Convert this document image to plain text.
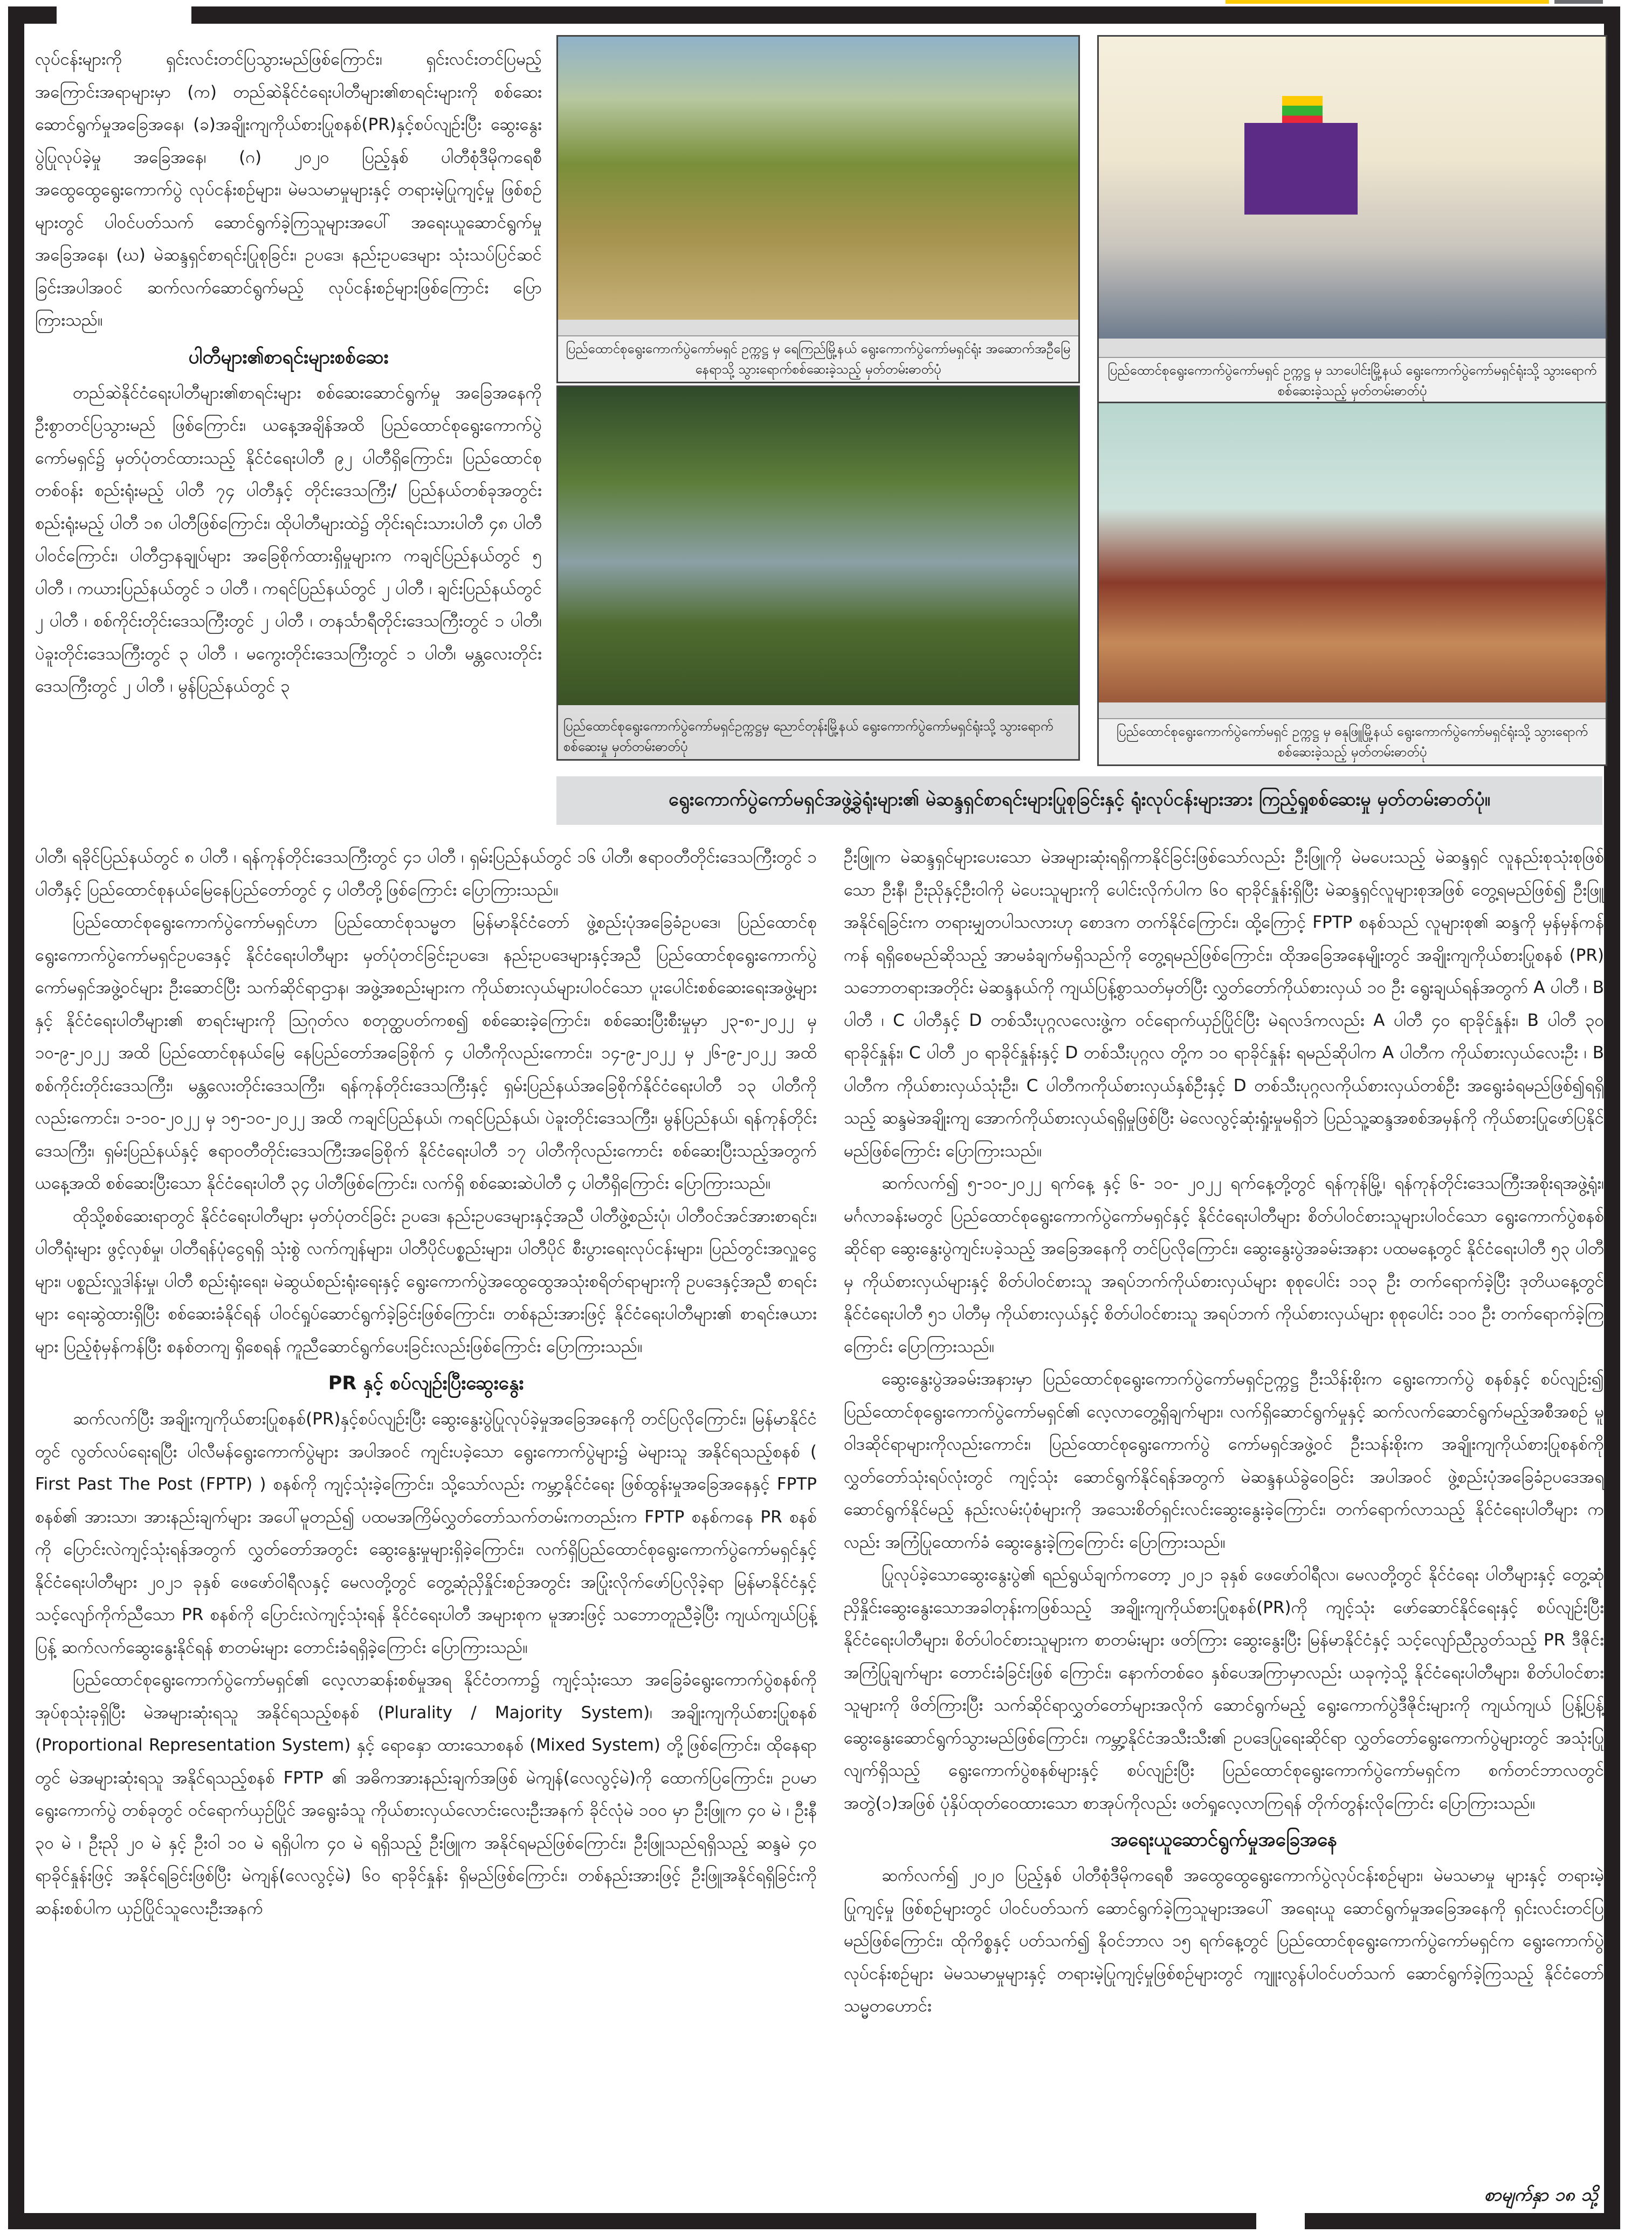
လုပ်ငန်းများကို ရှင်းလင်းတင်ပြသွားမည်ဖြစ်ကြောင်း၊ ရှင်းလင်းတင်ပြမည့်အကြောင်းအရာများမှာ (က) တည်ဆဲနိုင်ငံရေးပါတီများ၏စာရင်းများကို စစ်ဆေးဆောင်ရွက်မှုအခြေအနေ၊ (ခ)အချိုးကျကိုယ်စားပြုစနစ်(PR)နှင့်စပ်လျဉ်းပြီး ဆွေးနွေးပွဲပြုလုပ်ခဲ့မှု အခြေအနေ၊ (ဂ) ၂၀၂၀ ပြည့်နှစ် ပါတီစုံဒီမိုကရေစီ အထွေထွေရွေးကောက်ပွဲ လုပ်ငန်းစဉ်များ၊ မဲမသမာမှုများနှင့် တရားမဲ့ပြုကျင့်မှု ဖြစ်စဉ်များတွင် ပါဝင်ပတ်သက် ဆောင်ရွက်ခဲ့ကြသူများအပေါ် အရေးယူဆောင်ရွက်မှု အခြေအနေ၊ (ဃ) မဲဆန္ဒရှင်စာရင်းပြုစုခြင်း၊ ဥပဒေ၊ နည်းဥပဒေများ သုံးသပ်ပြင်ဆင်ခြင်းအပါအဝင် ဆက်လက်ဆောင်ရွက်မည့် လုပ်ငန်းစဉ်များဖြစ်ကြောင်း ပြောကြားသည်။

ပါတီများ၏စာရင်းများစစ်ဆေး

တည်ဆဲနိုင်ငံရေးပါတီများ၏စာရင်းများ စစ်ဆေးဆောင်ရွက်မှု အခြေအနေကို ဦးစွာတင်ပြသွားမည် ဖြစ်ကြောင်း၊ ယနေ့အချိန်အထိ ပြည်ထောင်စုရွေးကောက်ပွဲကော်မရှင်၌ မှတ်ပုံတင်ထားသည့် နိုင်ငံရေးပါတီ ၉၂ ပါတီရှိကြောင်း၊ ပြည်ထောင်စုတစ်ဝန်း စည်းရုံးမည့် ပါတီ ၇၄ ပါတီနှင့် တိုင်းဒေသကြီး/ ပြည်နယ်တစ်ခုအတွင်း စည်းရုံးမည့် ပါတီ ၁၈ ပါတီဖြစ်ကြောင်း၊ ထိုပါတီများထဲ၌ တိုင်းရင်းသားပါတီ ၄၈ ပါတီ ပါဝင်ကြောင်း၊ ပါတီဌာနချုပ်များ အခြေစိုက်ထားရှိမှုများက ကချင်ပြည်နယ်တွင် ၅ ပါတီ ၊ ကယားပြည်နယ်တွင် ၁ ပါတီ ၊ ကရင်ပြည်နယ်တွင် ၂ ပါတီ ၊ ချင်းပြည်နယ်တွင် ၂ ပါတီ ၊ စစ်ကိုင်းတိုင်းဒေသကြီးတွင် ၂ ပါတီ ၊ တနင်္သာရီတိုင်းဒေသကြီးတွင် ၁ ပါတီ၊ ပဲခူးတိုင်းဒေသကြီးတွင် ၃ ပါတီ ၊ မကွေးတိုင်းဒေသကြီးတွင် ၁ ပါတီ၊ မန္တလေးတိုင်းဒေသကြီးတွင် ၂ ပါတီ ၊ မွန်ပြည်နယ်တွင် ၃

ပြည်ထောင်စုရွေးကောက်ပွဲကော်မရှင် ဥက္ကဋ္ဌ မှ ရေကြည်မြို့နယ် ရွေးကောက်ပွဲကော်မရှင်ရုံး အဆောက်အဦမြေနေရာသို့ သွားရောက်စစ်ဆေးခဲ့သည့် မှတ်တမ်းဓာတ်ပုံ	ပြည်ထောင်စုရွေးကောက်ပွဲကော်မရှင် ဥက္ကဋ္ဌ မှ သာပေါင်းမြို့နယ် ရွေးကောက်ပွဲကော်မရှင်ရုံးသို့ သွားရောက်စစ်ဆေးခဲ့သည့် မှတ်တမ်းဓာတ်ပုံ
ပြည်ထောင်စုရွေးကောက်ပွဲကော်မရှင်ဥက္ကဋ္ဌမှ ညောင်တုန်းမြို့နယ် ရွေးကောက်ပွဲကော်မရှင်ရုံးသို့ သွားရောက်စစ်ဆေးမှု မှတ်တမ်းဓာတ်ပုံ
ပြည်ထောင်စုရွေးကောက်ပွဲကော်မရှင် ဥက္ကဋ္ဌ မှ ဓနုဖြူမြို့နယ် ရွေးကောက်ပွဲကော်မရှင်ရုံးသို့ သွားရောက်စစ်ဆေးခဲ့သည့် မှတ်တမ်းဓာတ်ပုံ
ရွေးကောက်ပွဲကော်မရှင်အဖွဲ့ခွဲရုံးများ၏ မဲဆန္ဒရှင်စာရင်းများပြုစုခြင်းနှင့် ရုံးလုပ်ငန်းများအား ကြည့်ရှုစစ်ဆေးမှု မှတ်တမ်းဓာတ်ပုံ။

ပါတီ၊ ရခိုင်ပြည်နယ်တွင် ၈ ပါတီ ၊ ရန်ကုန်တိုင်းဒေသကြီးတွင် ၄၁ ပါတီ ၊ ရှမ်းပြည်နယ်တွင် ၁၆ ပါတီ၊ ဧရာဝတီတိုင်းဒေသကြီးတွင် ၁ ပါတီနှင့် ပြည်ထောင်စုနယ်မြေနေပြည်တော်တွင် ၄ ပါတီတို့ဖြစ်ကြောင်း ပြောကြားသည်။

ပြည်ထောင်စုရွေးကောက်ပွဲကော်မရှင်ဟာ ပြည်ထောင်စုသမ္မတ မြန်မာနိုင်ငံတော် ဖွဲ့စည်းပုံအခြေခံဥပဒေ၊ ပြည်ထောင်စုရွေးကောက်ပွဲကော်မရှင်ဥပဒေနှင့် နိုင်ငံရေးပါတီများ မှတ်ပုံတင်ခြင်းဥပဒေ၊ နည်းဥပဒေများနှင့်အညီ ပြည်ထောင်စုရွေးကောက်ပွဲကော်မရှင်အဖွဲ့ဝင်များ ဦးဆောင်ပြီး သက်ဆိုင်ရာဌာန၊ အဖွဲ့အစည်းများက ကိုယ်စားလှယ်များပါဝင်သော ပူးပေါင်းစစ်ဆေးရေးအဖွဲ့များနှင့် နိုင်ငံရေးပါတီများ၏ စာရင်းများကို သြဂုတ်လ စတုတ္ထပတ်ကစ၍ စစ်ဆေးခဲ့ကြောင်း၊ စစ်ဆေးပြီးစီးမှုမှာ ၂၃-၈-၂၀၂၂ မှ ၁၀-၉-၂၀၂၂ အထိ ပြည်ထောင်စုနယ်မြေ နေပြည်တော်အခြေစိုက် ၄ ပါတီကိုလည်းကောင်း၊ ၁၄-၉-၂၀၂၂ မှ ၂၆-၉-၂၀၂၂ အထိ စစ်ကိုင်းတိုင်းဒေသကြီး၊ မန္တလေးတိုင်းဒေသကြီး၊ ရန်ကုန်တိုင်းဒေသကြီးနှင့် ရှမ်းပြည်နယ်အခြေစိုက်နိုင်ငံရေးပါတီ ၁၃ ပါတီကိုလည်းကောင်း၊ ၁-၁၀-၂၀၂၂ မှ ၁၅-၁၀-၂၀၂၂ အထိ ကချင်ပြည်နယ်၊ ကရင်ပြည်နယ်၊ ပဲခူးတိုင်းဒေသကြီး၊ မွန်ပြည်နယ်၊ ရန်ကုန်တိုင်းဒေသကြီး၊ ရှမ်းပြည်နယ်နှင့် ဧရာဝတီတိုင်းဒေသကြီးအခြေစိုက် နိုင်ငံရေးပါတီ ၁၇ ပါတီကိုလည်းကောင်း စစ်ဆေးပြီးသည့်အတွက် ယနေ့အထိ စစ်ဆေးပြီးသော နိုင်ငံရေးပါတီ ၃၄ ပါတီဖြစ်ကြောင်း၊ လက်ရှိ စစ်ဆေးဆဲပါတီ ၄ ပါတီရှိကြောင်း ပြောကြားသည်။

ထိုသို့စစ်ဆေးရာတွင် နိုင်ငံရေးပါတီများ မှတ်ပုံတင်ခြင်း ဥပဒေ၊ နည်းဥပဒေများနှင့်အညီ ပါတီဖွဲ့စည်းပုံ၊ ပါတီဝင်အင်အားစာရင်း၊ ပါတီရုံးများ ဖွင့်လှစ်မှု၊ ပါတီရန်ပုံငွေရရှိ သုံးစွဲ လက်ကျန်များ၊ ပါတီပိုင်ပစ္စည်းများ၊ ပါတီပိုင် စီးပွားရေးလုပ်ငန်းများ၊ ပြည်တွင်းအလှူငွေများ၊ ပစ္စည်းလှူဒါန်းမှု၊ ပါတီ စည်းရုံးရေး၊ မဲဆွယ်စည်းရုံးရေးနှင့် ရွေးကောက်ပွဲအထွေထွေအသုံးစရိတ်ရာများကို ဥပဒေနှင့်အညီ စာရင်းများ ရေးဆွဲထားရှိပြီး စစ်ဆေးခံနိုင်ရန် ပါဝင်ရှုပ်ဆောင်ရွက်ခဲ့ခြင်းဖြစ်ကြောင်း၊ တစ်နည်းအားဖြင့် နိုင်ငံရေးပါတီများ၏ စာရင်းဇယားများ ပြည့်စုံမှန်ကန်ပြီး စနစ်တကျ ရှိစေရန် ကူညီဆောင်ရွက်ပေးခြင်းလည်းဖြစ်ကြောင်း ပြောကြားသည်။

PR နှင့် စပ်လျဉ်းပြီးဆွေးနွေး

ဆက်လက်ပြီး အချိုးကျကိုယ်စားပြုစနစ်(PR)နှင့်စပ်လျဉ်းပြီး ဆွေးနွေးပွဲပြုလုပ်ခဲ့မှုအခြေအနေကို တင်ပြလိုကြောင်း၊ မြန်မာနိုင်ငံတွင် လွတ်လပ်ရေးရပြီး ပါလီမန်ရွေးကောက်ပွဲများ အပါအဝင် ကျင်းပခဲ့သော ရွေးကောက်ပွဲများ၌ မဲများသူ အနိုင်ရသည့်စနစ် ( First Past The Post (FPTP) ) စနစ်ကို ကျင့်သုံးခဲ့ကြောင်း၊ သို့သော်လည်း ကမ္ဘာ့နိုင်ငံရေး ဖြစ်ထွန်းမှုအခြေအနေနှင့် FPTP စနစ်၏ အားသာ၊ အားနည်းချက်များ အပေါ်မူတည်၍ ပထမအကြိမ်လွှတ်တော်သက်တမ်းကတည်းက FPTP စနစ်ကနေ PR စနစ်ကို ပြောင်းလဲကျင့်သုံးရန်အတွက် လွှတ်တော်အတွင်း ဆွေးနွေးမှုများရှိခဲ့ကြောင်း၊ လက်ရှိပြည်ထောင်စုရွေးကောက်ပွဲကော်မရှင်နှင့် နိုင်ငံရေးပါတီများ ၂၀၂၁ ခုနှစ် ဖေဖော်ဝါရီလနှင့် မေလတို့တွင် တွေ့ဆုံညှိနှိုင်းစဉ်အတွင်း အပြုံးလိုက်ဖော်ပြလိုခဲ့ရာ မြန်မာနိုင်ငံနှင့် သင့်လျော်ကိုက်ညီသော PR စနစ်ကို ပြောင်းလဲကျင့်သုံးရန် နိုင်ငံရေးပါတီ အများစုက မူအားဖြင့် သဘောတူညီခဲ့ပြီး ကျယ်ကျယ်ပြန့်ပြန့် ဆက်လက်ဆွေးနွေးနိုင်ရန် စာတမ်းများ တောင်းခံရရှိခဲ့ကြောင်း ပြောကြားသည်။

ပြည်ထောင်စုရွေးကောက်ပွဲကော်မရှင်၏ လေ့လာဆန်းစစ်မှုအရ နိုင်ငံတကာ၌ ကျင့်သုံးသော အခြေခံရွေးကောက်ပွဲစနစ်ကို အုပ်စုသုံးခုရှိပြီး မဲအများဆုံးရသူ အနိုင်ရသည့်စနစ် (Plurality / Majority System)၊ အချိုးကျကိုယ်စားပြုစနစ် (Proportional Representation System) နှင့် ရောနှော ထားသောစနစ် (Mixed System) တို့ဖြစ်ကြောင်း၊ ထိုနေရာတွင် မဲအများဆုံးရသူ အနိုင်ရသည့်စနစ် FPTP ၏ အဓိကအားနည်းချက်အဖြစ် မဲကျန်(လေလွင့်မဲ)ကို ထောက်ပြကြောင်း၊ ဥပမာ ရွေးကောက်ပွဲ တစ်ခုတွင် ဝင်ရောက်ယှဉ်ပြိုင် အရွေးခံသူ ကိုယ်စားလှယ်လောင်းလေးဦးအနက် ခိုင်လုံမဲ ၁၀၀ မှာ ဦးဖြူက ၄၀ မဲ ၊ ဦးနီ ၃၀ မဲ ၊ ဦးညို ၂၀ မဲ နှင့် ဦးဝါ ၁၀ မဲ ရရှိပါက ၄၀ မဲ ရရှိသည့် ဦးဖြူက အနိုင်ရမည်ဖြစ်ကြောင်း၊ ဦးဖြူသည်ရရှိသည့် ဆန္ဒမဲ ၄၀ ရာခိုင်နှုန်းဖြင့် အနိုင်ရခြင်းဖြစ်ပြီး မဲကျန်(လေလွင့်မဲ) ၆၀ ရာခိုင်နှုန်း ရှိမည်ဖြစ်ကြောင်း၊ တစ်နည်းအားဖြင့် ဦးဖြူအနိုင်ရရှိခြင်းကို ဆန်းစစ်ပါက ယှဉ်ပြိုင်သူလေးဦးအနက်

ဦးဖြူက မဲဆန္ဒရှင်များပေးသော မဲအများဆုံးရရှိကာနိုင်ခြင်းဖြစ်သော်လည်း ဦးဖြူကို မဲမပေးသည့် မဲဆန္ဒရှင် လူနည်းစုသုံးစုဖြစ်သော ဦးနီ၊ ဦးညိုနှင့်ဦးဝါကို မဲပေးသူများကို ပေါင်းလိုက်ပါက ၆၀ ရာခိုင်နှုန်းရှိပြီး မဲဆန္ဒရှင်လူများစုအဖြစ် တွေ့ရမည်ဖြစ်၍ ဦးဖြူအနိုင်ရခြင်းက တရားမျှတပါသလားဟု စောဒက တက်နိုင်ကြောင်း၊ ထို့ကြောင့် FPTP စနစ်သည် လူများစု၏ ဆန္ဒကို မှန်မှန်ကန်ကန် ရရှိစေမည်ဆိုသည့် အာမခံချက်မရှိသည်ကို တွေ့ရမည်ဖြစ်ကြောင်း၊ ထိုအခြေအနေမျိုးတွင် အချိုးကျကိုယ်စားပြုစနစ် (PR) သဘောတရားအတိုင်း မဲဆန္ဒနယ်ကို ကျယ်ပြန့်စွာသတ်မှတ်ပြီး လွှတ်တော်ကိုယ်စားလှယ် ၁၀ ဦး ရွေးချယ်ရန်အတွက် A ပါတီ ၊ B ပါတီ ၊ C ပါတီနှင့် D တစ်သီးပုဂ္ဂလလေးဖွဲ့က ဝင်ရောက်ယှဉ်ပြိုင်ပြီး မဲရလဒ်ကလည်း A ပါတီ ၄၀ ရာခိုင်နှုန်း၊ B ပါတီ ၃၀ ရာခိုင်နှုန်း၊ C ပါတီ ၂၀ ရာခိုင်နှုန်းနှင့် D တစ်သီးပုဂ္ဂလ တို့က ၁၀ ရာခိုင်နှုန်း ရမည်ဆိုပါက A ပါတီက ကိုယ်စားလှယ်လေးဦး ၊ B ပါတီက ကိုယ်စားလှယ်သုံးဦး၊ C ပါတီကကိုယ်စားလှယ်နှစ်ဦးနှင့် D တစ်သီးပုဂ္ဂလကိုယ်စားလှယ်တစ်ဦး အရွေးခံရမည်ဖြစ်၍ရရှိသည့် ဆန္ဒမဲအချိုးကျ အောက်ကိုယ်စားလှယ်ရရှိမှုဖြစ်ပြီး မဲလေလွင့်ဆုံးရှုံးမှုမရှိဘဲ ပြည်သူ့ဆန္ဒအစစ်အမှန်ကို ကိုယ်စားပြုဖော်ပြနိုင်မည်ဖြစ်ကြောင်း ပြောကြားသည်။

ဆက်လက်၍ ၅-၁၀-၂၀၂၂ ရက်နေ့ နှင့် ၆- ၁၀- ၂၀၂၂ ရက်နေ့တို့တွင် ရန်ကုန်မြို့၊ ရန်ကုန်တိုင်းဒေသကြီးအစိုးရအဖွဲ့ရုံး၊ မင်္ဂလာခန်းမတွင် ပြည်ထောင်စုရွေးကောက်ပွဲကော်မရှင်နှင့် နိုင်ငံရေးပါတီများ စိတ်ပါဝင်စားသူများပါဝင်သော ရွေးကောက်ပွဲစနစ်ဆိုင်ရာ ဆွေးနွေးပွဲကျင်းပခဲ့သည့် အခြေအနေကို တင်ပြလိုကြောင်း၊ ဆွေးနွေးပွဲအခမ်းအနား ပထမနေ့တွင် နိုင်ငံရေးပါတီ ၅၃ ပါတီမှ ကိုယ်စားလှယ်များနှင့် စိတ်ပါဝင်စားသူ အရပ်ဘက်ကိုယ်စားလှယ်များ စုစုပေါင်း ၁၁၃ ဦး တက်ရောက်ခဲ့ပြီး ဒုတိယနေ့တွင် နိုင်ငံရေးပါတီ ၅၁ ပါတီမှ ကိုယ်စားလှယ်နှင့် စိတ်ပါဝင်စားသူ အရပ်ဘက် ကိုယ်စားလှယ်များ စုစုပေါင်း ၁၁၀ ဦး တက်ရောက်ခဲ့ကြကြောင်း ပြောကြားသည်။

ဆွေးနွေးပွဲအခမ်းအနားမှာ ပြည်ထောင်စုရွေးကောက်ပွဲကော်မရှင်ဥက္ကဋ္ဌ ဦးသိန်းစိုးက ရွေးကောက်ပွဲ စနစ်နှင့် စပ်လျဉ်း၍ ပြည်ထောင်စုရွေးကောက်ပွဲကော်မရှင်၏ လေ့လာတွေ့ရှိချက်များ၊ လက်ရှိဆောင်ရွက်မှုနှင့် ဆက်လက်ဆောင်ရွက်မည့်အစီအစဉ် မူဝါဒဆိုင်ရာများကိုလည်းကောင်း၊ ပြည်ထောင်စုရွေးကောက်ပွဲ ကော်မရှင်အဖွဲ့ဝင် ဦးသန်းစိုးက အချိုးကျကိုယ်စားပြုစနစ်ကို လွှတ်တော်သုံးရပ်လုံးတွင် ကျင့်သုံး ဆောင်ရွက်နိုင်ရန်အတွက် မဲဆန္ဒနယ်ခွဲဝေခြင်း အပါအဝင် ဖွဲ့စည်းပုံအခြေခံဥပဒေအရ ဆောင်ရွက်နိုင်မည့် နည်းလမ်းပုံစံများကို အသေးစိတ်ရှင်းလင်းဆွေးနွေးခဲ့ကြောင်း၊ တက်ရောက်လာသည့် နိုင်ငံရေးပါတီများ ကလည်း အကြံပြုထောက်ခံ ဆွေးနွေးခဲ့ကြကြောင်း ပြောကြားသည်။

ပြုလုပ်ခဲ့သောဆွေးနွေးပွဲ၏ ရည်ရွယ်ချက်ကတော့ ၂၀၂၁ ခုနှစ် ဖေဖော်ဝါရီလ၊ မေလတို့တွင် နိုင်ငံရေး ပါတီများနှင့် တွေ့ဆုံညှိနှိုင်းဆွေးနွေးသောအခါတုန်းကဖြစ်သည့် အချိုးကျကိုယ်စားပြုစနစ်(PR)ကို ကျင့်သုံး ဖော်ဆောင်နိုင်ရေးနှင့် စပ်လျဉ်းပြီး နိုင်ငံရေးပါတီများ၊ စိတ်ပါဝင်စားသူများက စာတမ်းများ ဖတ်ကြား ဆွေးနွေးပြီး မြန်မာနိုင်ငံနှင့် သင့်လျော်ညီညွတ်သည့် PR ဒီဇိုင်း အကြံပြုချက်များ တောင်းခံခြင်းဖြစ် ကြောင်း၊ နောက်တစ်ဝေ နှစ်ပေအကြာမှာလည်း ယခုကဲ့သို့ နိုင်ငံရေးပါတီများ၊ စိတ်ပါဝင်စားသူများကို ဖိတ်ကြားပြီး သက်ဆိုင်ရာလွှတ်တော်များအလိုက် ဆောင်ရွက်မည့် ရွေးကောက်ပွဲဒီဇိုင်းများကို ကျယ်ကျယ် ပြန့်ပြန့် ဆွေးနွေးဆောင်ရွက်သွားမည်ဖြစ်ကြောင်း၊ ကမ္ဘာ့နိုင်ငံအသီးသီး၏ ဥပဒေပြုရေးဆိုင်ရာ လွှတ်တော်ရွေးကောက်ပွဲများတွင် အသုံးပြုလျက်ရှိသည့် ရွေးကောက်ပွဲစနစ်များနှင့် စပ်လျဉ်းပြီး ပြည်ထောင်စုရွေးကောက်ပွဲကော်မရှင်က စက်တင်ဘာလတွင် အတွဲ(၁)အဖြစ် ပုံနှိပ်ထုတ်ဝေထားသော စာအုပ်ကိုလည်း ဖတ်ရှုလေ့လာကြရန် တိုက်တွန်းလိုကြောင်း ပြောကြားသည်။

အရေးယူဆောင်ရွက်မှုအခြေအနေ

ဆက်လက်၍ ၂၀၂၀ ပြည့်နှစ် ပါတီစုံဒီမိုကရေစီ အထွေထွေရွေးကောက်ပွဲလုပ်ငန်းစဉ်များ၊ မဲမသမာမှု များနှင့် တရားမဲ့ပြုကျင့်မှု ဖြစ်စဉ်များတွင် ပါဝင်ပတ်သက် ဆောင်ရွက်ခဲ့ကြသူများအပေါ် အရေးယူ ဆောင်ရွက်မှုအခြေအနေကို ရှင်းလင်းတင်ပြမည်ဖြစ်ကြောင်း၊ ထိုကိစ္စနှင့် ပတ်သက်၍ နိုဝင်ဘာလ ၁၅ ရက်နေ့တွင် ပြည်ထောင်စုရွေးကောက်ပွဲကော်မရှင်က ရွေးကောက်ပွဲလုပ်ငန်းစဉ်များ မဲမသမာမှုများနှင့် တရားမဲ့ပြုကျင့်မှုဖြစ်စဉ်များတွင် ကျူးလွန်ပါဝင်ပတ်သက် ဆောင်ရွက်ခဲ့ကြသည့် နိုင်ငံတော်သမ္မတဟောင်း

စာမျက်နှာ ၁၈ သို့
